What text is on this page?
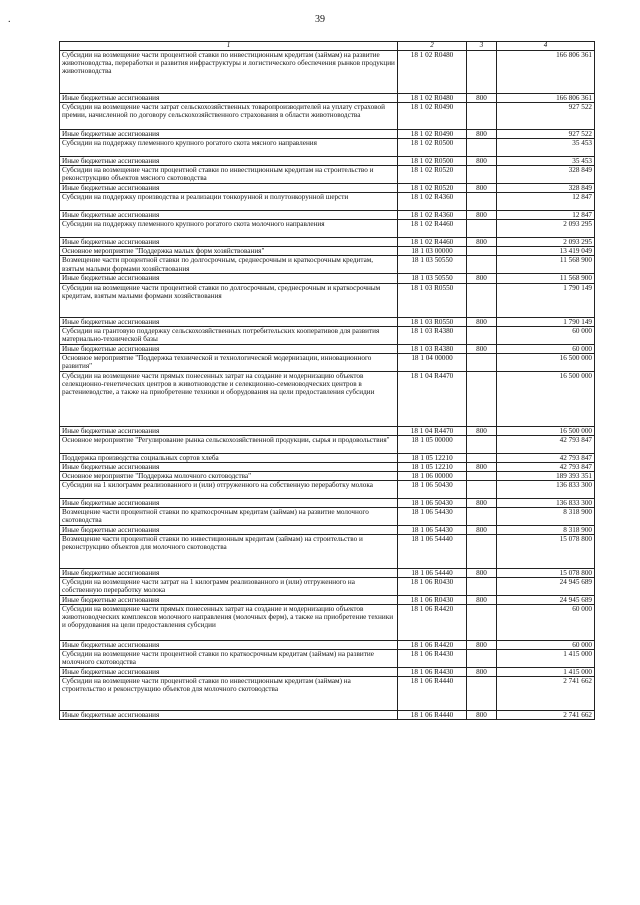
.	39
1	2	3	4
Субсидии на возмещение части процентной ставки по инвестиционным кредитам (займам) на развитие животноводства, переработки и развития инфраструктуры и логистического обеспечения рынков продукции животноводства	18 1 02 R0480		166 806 361
Иные бюджетные ассигнования	18 1 02 R0480	800	166 806 361
Субсидии на возмещение части затрат сельскохозяйственных товаропроизводителей на уплату страховой премии, начисленной по договору сельскохозяйственного страхования в области животноводства	18 1 02 R0490		927 522
Иные бюджетные ассигнования	18 1 02 R0490	800	927 522
Субсидии на поддержку племенного крупного рогатого скота мясного направления	18 1 02 R0500		35 453
Иные бюджетные ассигнования	18 1 02 R0500	800	35 453
Субсидии на возмещение части процентной ставки по инвестиционным кредитам на строительство и реконструкцию объектов мясного скотоводства	18 1 02 R0520		328 849
Иные бюджетные ассигнования	18 1 02 R0520	800	328 849
Субсидии на поддержку производства и реализации тонкорунной и полутонкорунной шерсти	18 1 02 R4360		12 847
Иные бюджетные ассигнования	18 1 02 R4360	800	12 847
Субсидии на поддержку племенного крупного рогатого скота молочного направления	18 1 02 R4460		2 093 295
Иные бюджетные ассигнования	18 1 02 R4460	800	2 093 295
Основное мероприятие "Поддержка малых форм хозяйствования"	18 1 03 00000		13 419 049
Возмещение части процентной ставки по долгосрочным, среднесрочным и краткосрочным кредитам, взятым малыми формами хозяйствования	18 1 03 50550		11 568 900
Иные бюджетные ассигнования	18 1 03 50550	800	11 568 900
Субсидии на возмещение части процентной ставки по долгосрочным, среднесрочным и краткосрочным кредитам, взятым малыми формами хозяйствования	18 1 03 R0550		1 790 149
Иные бюджетные ассигнования	18 1 03 R0550	800	1 790 149
Субсидии на грантовую поддержку сельскохозяйственных потребительских кооперативов для развития материально-технической базы	18 1 03 R4380		60 000
Иные бюджетные ассигнования	18 1 03 R4380	800	60 000
Основное мероприятие "Поддержка технической и технологической модернизации, инновационного развития"	18 1 04 00000		16 500 000
Субсидии на возмещение части прямых понесенных затрат на создание и модернизацию объектов селекционно-генетических центров в животноводстве и селекционно-семеноводческих центров в растениеводстве, а также на приобретение техники и оборудования на цели предоставления субсидии	18 1 04 R4470		16 500 000
Иные бюджетные ассигнования	18 1 04 R4470	800	16 500 000
Основное мероприятие "Регулирование рынка сельскохозяйственной продукции, сырья и продовольствия"	18 1 05 00000		42 793 847
Поддержка производства социальных сортов хлеба	18 1 05 12210		42 793 847
Иные бюджетные ассигнования	18 1 05 12210	800	42 793 847
Основное мероприятие "Поддержка молочного скотоводства"	18 1 06 00000		189 393 351
Субсидии на 1 килограмм реализованного и (или) отгруженного на собственную переработку молока	18 1 06 50430		136 833 300
Иные бюджетные ассигнования	18 1 06 50430	800	136 833 300
Возмещение части процентной ставки по краткосрочным кредитам (займам) на развитие молочного скотоводства	18 1 06 54430		8 318 900
Иные бюджетные ассигнования	18 1 06 54430	800	8 318 900
Возмещение части процентной ставки по инвестиционным кредитам (займам) на строительство и реконструкцию объектов для молочного скотоводства	18 1 06 54440		15 078 800
Иные бюджетные ассигнования	18 1 06 54440	800	15 078 800
Субсидии на возмещение части затрат на 1 килограмм реализованного и (или) отгруженного на собственную переработку молока	18 1 06 R0430		24 945 689
Иные бюджетные ассигнования	18 1 06 R0430	800	24 945 689
Субсидии на возмещение части прямых понесенных затрат на создание и модернизацию объектов животноводческих комплексов молочного направления (молочных ферм), а также на приобретение техники и оборудования на цели предоставления субсидии	18 1 06 R4420		60 000
Иные бюджетные ассигнования	18 1 06 R4420	800	60 000
Субсидии на возмещение части процентной ставки по краткосрочным кредитам (займам) на развитие молочного скотоводства	18 1 06 R4430		1 415 000
Иные бюджетные ассигнования	18 1 06 R4430	800	1 415 000
Субсидии на возмещение части процентной ставки по инвестиционным кредитам (займам) на строительство и реконструкцию объектов для молочного скотоводства	18 1 06 R4440		2 741 662
Иные бюджетные ассигнования	18 1 06 R4440	800	2 741 662
